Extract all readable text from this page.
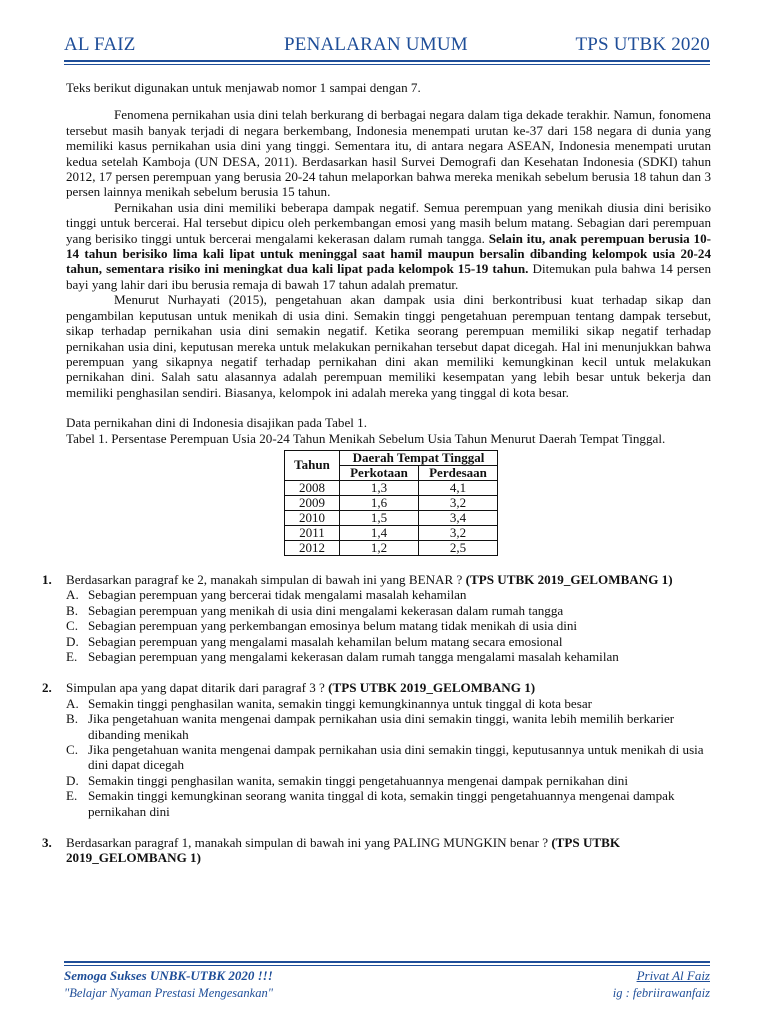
AL FAIZ	PENALARAN UMUM	TPS UTBK 2020

Teks berikut digunakan untuk menjawab nomor 1 sampai dengan 7.

Fenomena pernikahan usia dini telah berkurang di berbagai negara dalam tiga dekade terakhir. Namun, fonomena tersebut masih banyak terjadi di negara berkembang, Indonesia menempati urutan ke-37 dari 158 negara di dunia yang memiliki kasus pernikahan usia dini yang tinggi. Sementara itu, di antara negara ASEAN, Indonesia menempati urutan kedua setelah Kamboja (UN DESA, 2011). Berdasarkan hasil Survei Demografi dan Kesehatan Indonesia (SDKI) tahun 2012, 17 persen perempuan yang berusia 20-24 tahun melaporkan bahwa mereka menikah sebelum berusia 18 tahun dan 3 persen lainnya menikah sebelum berusia 15 tahun.

Pernikahan usia dini memiliki beberapa dampak negatif. Semua perempuan yang menikah diusia dini berisiko tinggi untuk bercerai. Hal tersebut dipicu oleh perkembangan emosi yang masih belum matang. Sebagian dari perempuan yang berisiko tinggi untuk bercerai mengalami kekerasan dalam rumah tangga. Selain itu, anak perempuan berusia 10-14 tahun berisiko lima kali lipat untuk meninggal saat hamil maupun bersalin dibanding kelompok usia 20-24 tahun, sementara risiko ini meningkat dua kali lipat pada kelompok 15-19 tahun. Ditemukan pula bahwa 14 persen bayi yang lahir dari ibu berusia remaja di bawah 17 tahun adalah prematur.

Menurut Nurhayati (2015), pengetahuan akan dampak usia dini berkontribusi kuat terhadap sikap dan pengambilan keputusan untuk menikah di usia dini. Semakin tinggi pengetahuan perempuan tentang dampak tersebut, sikap terhadap pernikahan usia dini semakin negatif. Ketika seorang perempuan memiliki sikap negatif terhadap pernikahan usia dini, keputusan mereka untuk melakukan pernikahan tersebut dapat dicegah. Hal ini menunjukkan bahwa perempuan yang sikapnya negatif terhadap pernikahan dini akan memiliki kemungkinan kecil untuk melakukan pernikahan dini. Salah satu alasannya adalah perempuan memiliki kesempatan yang lebih besar untuk bekerja dan memiliki penghasilan sendiri. Biasanya, kelompok ini adalah mereka yang tinggal di kota besar.

Data pernikahan dini di Indonesia disajikan pada Tabel 1.

Tabel 1. Persentase Perempuan Usia 20-24 Tahun Menikah Sebelum Usia Tahun Menurut Daerah Tempat Tinggal.

Tahun	Daerah Tempat Tinggal	
	Perkotaan	Perdesaan
2008	1,3	4,1
2009	1,6	3,2
2010	1,5	3,4
2011	1,4	3,2
2012	1,2	2,5
1. Berdasarkan paragraf ke 2, manakah simpulan di bawah ini yang BENAR ? (TPS UTBK 2019_GELOMBANG 1)

A. Sebagian perempuan yang bercerai tidak mengalami masalah kehamilan
B. Sebagian perempuan yang menikah di usia dini mengalami kekerasan dalam rumah tangga
C. Sebagian perempuan yang perkembangan emosinya belum matang tidak menikah di usia dini
D. Sebagian perempuan yang mengalami masalah kehamilan belum matang secara emosional
E. Sebagian perempuan yang mengalami kekerasan dalam rumah tangga mengalami masalah kehamilan
2. Simpulan apa yang dapat ditarik dari paragraf 3 ? (TPS UTBK 2019_GELOMBANG 1)

A. Semakin tinggi penghasilan wanita, semakin tinggi kemungkinannya untuk tinggal di kota besar
B. Jika pengetahuan wanita mengenai dampak pernikahan usia dini semakin tinggi, wanita lebih memilih berkarier dibanding menikah
C. Jika pengetahuan wanita mengenai dampak pernikahan usia dini semakin tinggi, keputusannya untuk menikah di usia dini dapat dicegah
D. Semakin tinggi penghasilan wanita, semakin tinggi pengetahuannya mengenai dampak pernikahan dini
E. Semakin tinggi kemungkinan seorang wanita tinggal di kota, semakin tinggi pengetahuannya mengenai dampak pernikahan dini
3. Berdasarkan paragraf 1, manakah simpulan di bawah ini yang PALING MUNGKIN benar ? (TPS UTBK 2019_GELOMBANG 1)

Semoga Sukses UNBK-UTBK 2020 !!!
"Belajar Nyaman Prestasi Mengesankan"
Privat Al Faiz
ig : febriirawanfaiz
